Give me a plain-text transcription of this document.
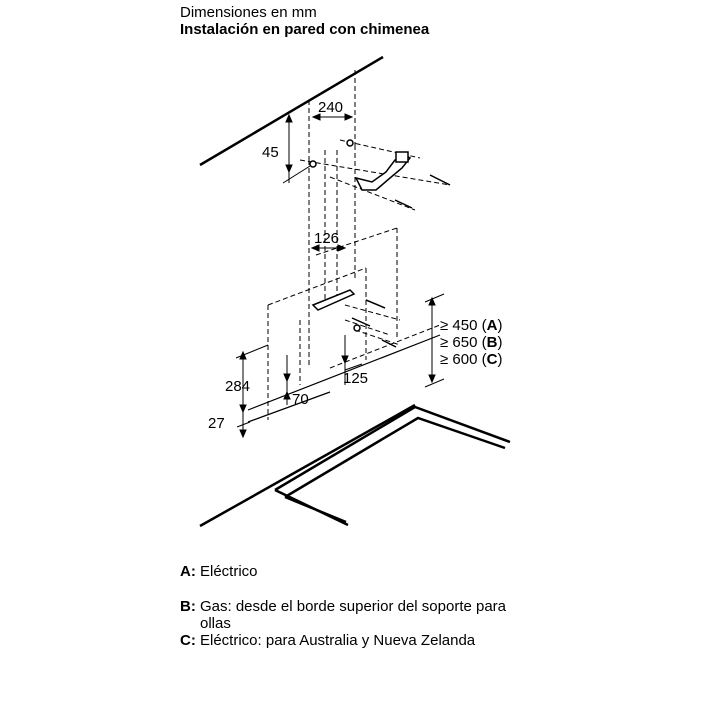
Dimensiones en mm
Instalación en pared con chimenea
240
45
126
284
27
70
125
≥ 450 (A)
≥ 650 (B)
≥ 600 (C)
A: Eléctrico
B: Gas: desde el borde superior del soporte para ollas
C: Eléctrico: para Australia y Nueva Zelanda
